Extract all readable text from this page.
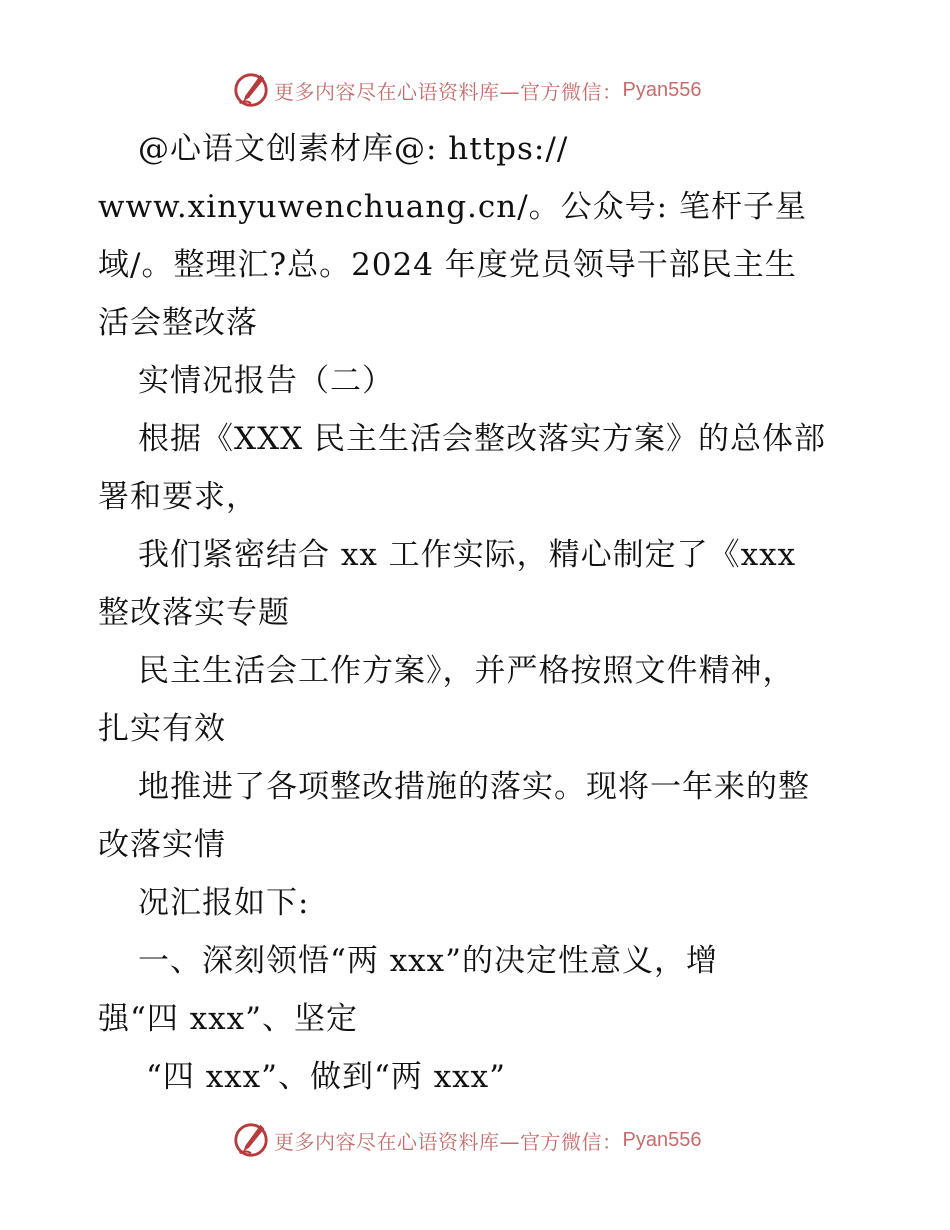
更多内容尽在心语资料库—官方微信： Pyan556
@心语文创素材库@: https://
www.xinyuwenchuang.cn/。公众号: 笔杆子星
域/。整理汇?总。2024 年度党员领导干部民主生
活会整改落
实情况报告（二）
根据《XXX 民主生活会整改落实方案》的总体部
署和要求，
我们紧密结合 xx 工作实际，精心制定了《xxx
整改落实专题
民主生活会工作方案》，并严格按照文件精神，
扎实有效
地推进了各项整改措施的落实。现将一年来的整
改落实情
况汇报如下:
一、深刻领悟“两 xxx”的决定性意义，增
强“四 xxx”、坚定
“四 xxx”、做到“两 xxx”
更多内容尽在心语资料库—官方微信： Pyan556
